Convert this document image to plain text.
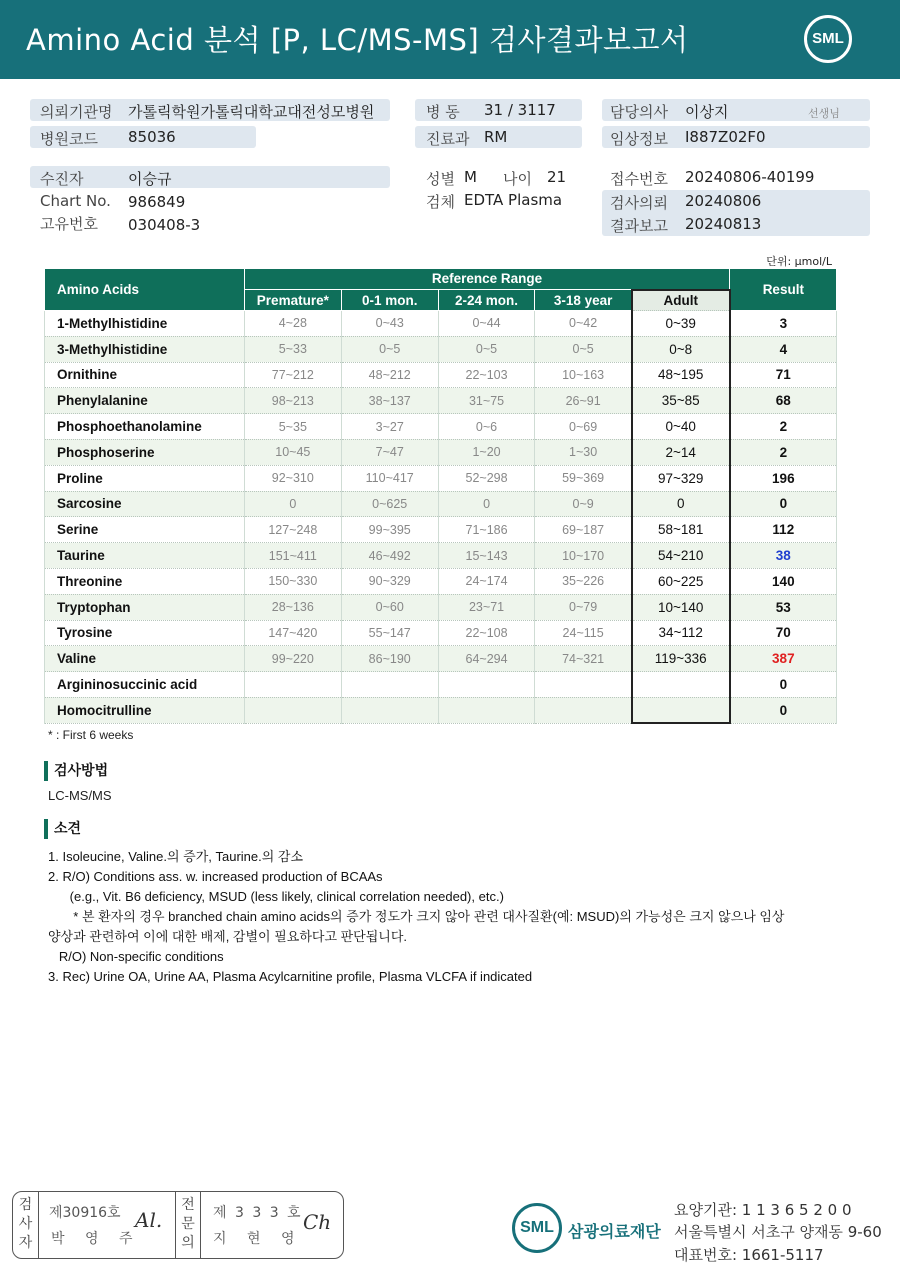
Amino Acid 분석 [P, LC/MS-MS] 검사결과보고서	SML
의뢰기관명 가톨릭학원가톨릭대학교대전성모병원
병원코드 85036
병 동 31 / 3117
진료과 RM
담당의사 이상지	선생님
임상정보 I887Z02F0
수진자	이승규
Chart No. 986849
고유번호 030408-3
성별 M 나이 21
검체 EDTA Plasma
접수번호 20240806-40199
검사의뢰 20240806
결과보고 20240813
단위: μmol/L
Amino Acids	Reference Range					Result
	Premature*	0-1 mon.	2-24 mon.	3-18 year	Adult	
1-Methylhistidine	4~28	0~43	0~44	0~42	0~39	3
3-Methylhistidine	5~33	0~5	0~5	0~5	0~8	4
Ornithine	77~212	48~212	22~103	10~163	48~195	71
Phenylalanine	98~213	38~137	31~75	26~91	35~85	68
Phosphoethanolamine	5~35	3~27	0~6	0~69	0~40	2
Phosphoserine	10~45	7~47	1~20	1~30	2~14	2
Proline	92~310	110~417	52~298	59~369	97~329	196
Sarcosine	0	0~625	0	0~9	0	0
Serine	127~248	99~395	71~186	69~187	58~181	112
Taurine	151~411	46~492	15~143	10~170	54~210	38
Threonine	150~330	90~329	24~174	35~226	60~225	140
Tryptophan	28~136	0~60	23~71	0~79	10~140	53
Tyrosine	147~420	55~147	22~108	24~115	34~112	70
Valine	99~220	86~190	64~294	74~321	119~336	387
Argininosuccinic acid						0
Homocitrulline						0
* : First 6 weeks
검사방법
LC-MS/MS
소견
1. Isoleucine, Valine.의 증가, Taurine.의 감소
2. R/O) Conditions ass. w. increased production of BCAAs
(e.g., Vit. B6 deficiency, MSUD (less likely, clinical correlation needed), etc.)
* 본 환자의 경우 branched chain amino acids의 증가 정도가 크지 않아 관련 대사질환(예: MSUD)의 가능성은 크지 않으나 임상
양상과 관련하여 이에 대한 배제, 감별이 필요하다고 판단됩니다.
R/O) Non-specific conditions
3. Rec) Urine OA, Urine AA, Plasma Acylcarnitine profile, Plasma VLCFA if indicated
검사자
제30916호
박 영 주
Al.
전문의
제 3 3 3 호
지 현 영
Ch	SML 삼광의료재단
요양기관: 1 1 3 6 5 2 0 0
서울특별시 서초구 양재동 9-60
대표번호: 1661-5117
